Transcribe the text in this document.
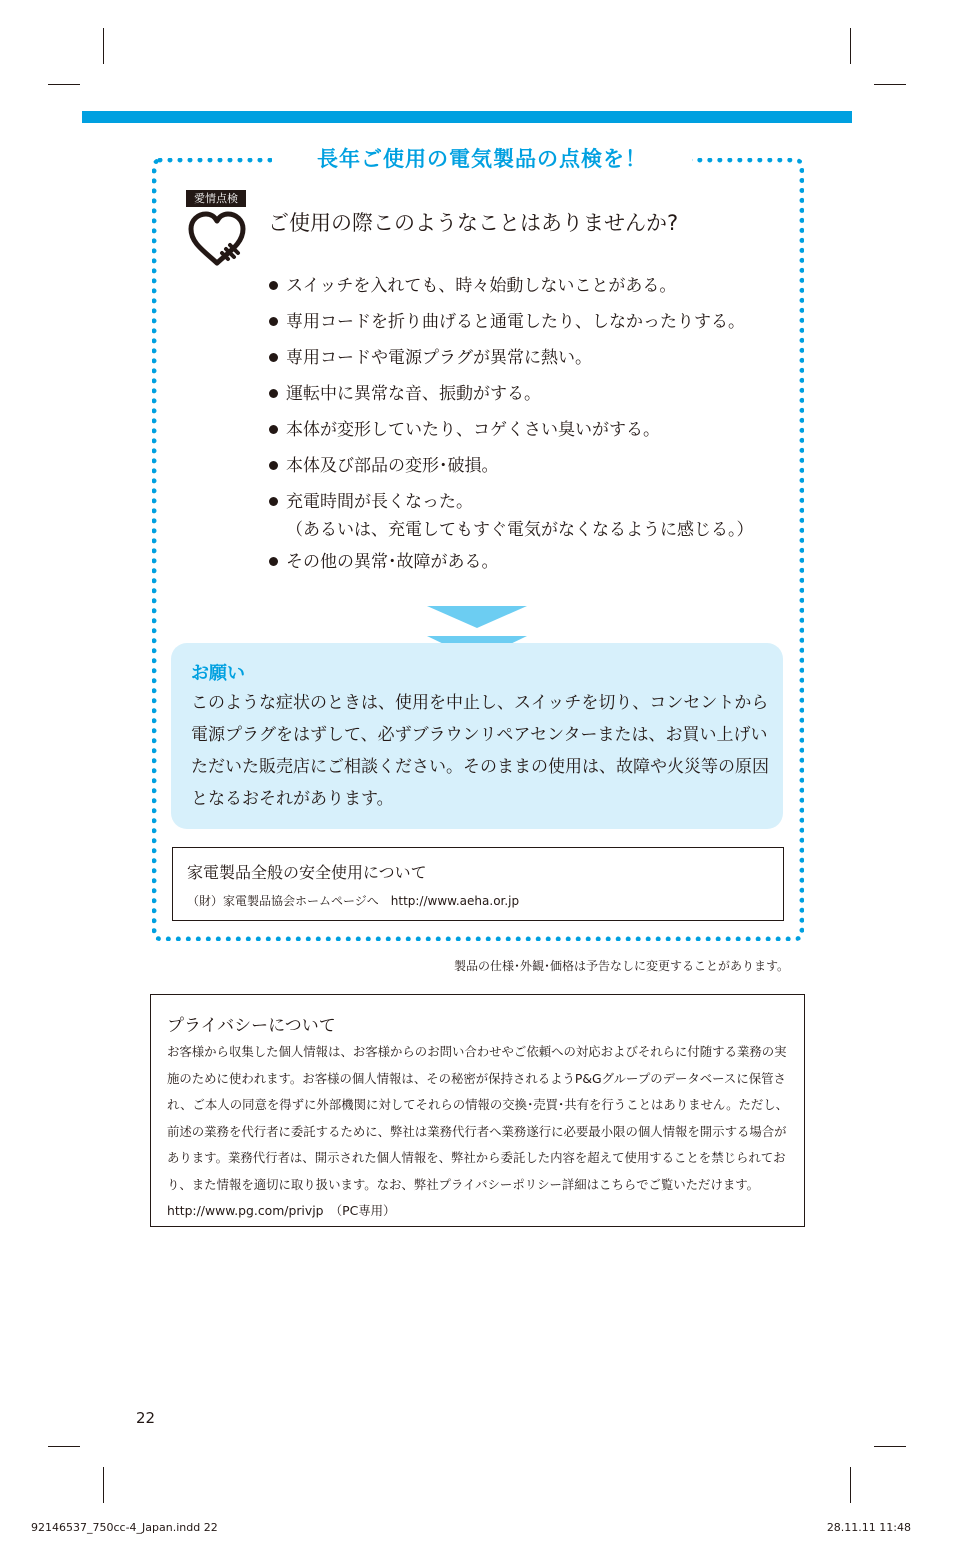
長年ご使用の電気製品の点検を！
愛情点検
ご使用の際このようなことはありませんか?
スイッチを入れても、時々始動しないことがある。
専用コードを折り曲げると通電したり、しなかったりする。
専用コードや電源プラグが異常に熱い。
運転中に異常な音、振動がする。
本体が変形していたり、コゲくさい臭いがする。
本体及び部品の変形･破損。
充電時間が長くなった。
（あるいは、充電してもすぐ電気がなくなるように感じる。）
その他の異常･故障がある。
お願い
このような症状のときは、使用を中止し、スイッチを切り、コンセントから電源プラグをはずして、必ずブラウンリペアセンターまたは、お買い上げいただいた販売店にご相談ください。そのままの使用は、故障や火災等の原因となるおそれがあります。
家電製品全般の安全使用について
（財）家電製品協会ホームページへ　http://www.aeha.or.jp
製品の仕様･外観･価格は予告なしに変更することがあります。
プライバシーについて
お客様から収集した個人情報は、お客様からのお問い合わせやご依頼への対応およびそれらに付随する業務の実施のために使われます。お客様の個人情報は、その秘密が保持されるようP&Gグループのデータベースに保管され、ご本人の同意を得ずに外部機関に対してそれらの情報の交換･売買･共有を行うことはありません。ただし、前述の業務を代行者に委託するために、弊社は業務代行者へ業務遂行に必要最小限の個人情報を開示する場合があります。業務代行者は、開示された個人情報を、弊社から委託した内容を超えて使用することを禁じられており、また情報を適切に取り扱います。なお、弊社プライバシーポリシー詳細はこちらでご覧いただけます。http://www.pg.com/privjp　（PC専用）
22
92146537_750cc-4_Japan.indd 22	28.11.11 11:48
